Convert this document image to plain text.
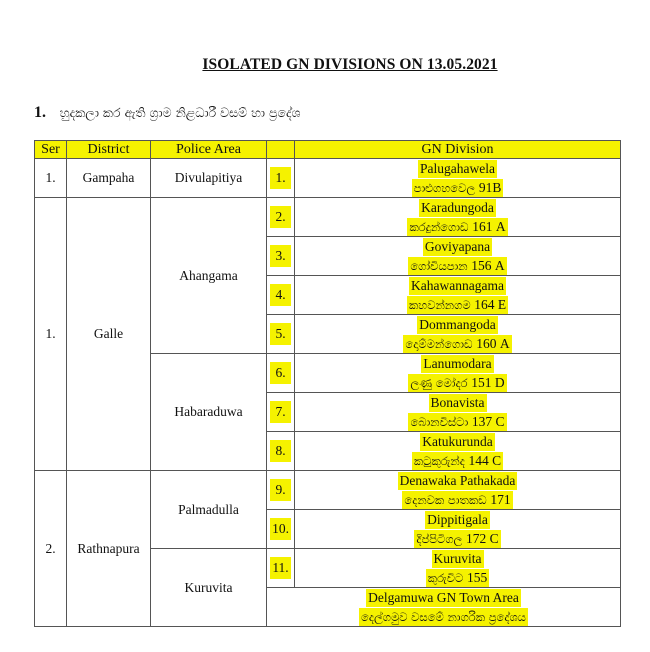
ISOLATED GN DIVISIONS ON 13.05.2021
1. හුදකලා කර ඇති ග්‍රාම නිළධාරී වසම් හා ප්‍රදේශ
Ser	District	Police Area		GN Division
1.	Gampaha	Divulapitiya	1.	Palugahawela
පාළුගහවෙල 91B

1.	Galle	Ahangama	2.	Karadungoda
කරදුන්ගොඩ 161 A

			3.	Goviyapana
ගෝවියපාන 156 A

			4.	Kahawannagama
කහවන්නගම 164 E

			5.	Dommangoda
දොම්මන්ගොඩ 160 A

		Habaraduwa	6.	Lanumodara
ලණු මෝදර 151 D

			7.	Bonavista
බොනවිස්ටා 137 C

			8.	Katukurunda
කටුකුරුන්ද 144 C

2.	Rathnapura	Palmadulla	9.	Denawaka Pathakada
දෙනවක පාතකඩ 171

			10.	Dippitigala
දිප්පිටිගල 172 C

		Kuruvita	11.	Kuruvita
කුරුවිට 155

			Delgamuwa GN Town Area
දෙල්ගමුව වසමේ නාගරික ප්‍රදේශය	
